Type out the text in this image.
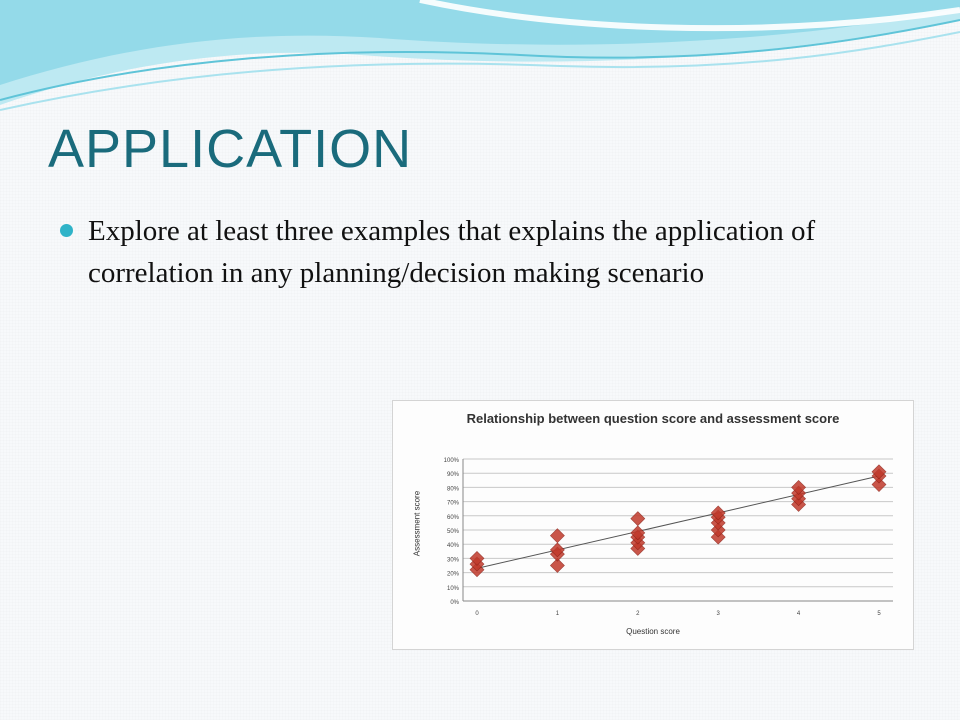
APPLICATION
Explore at least three examples that explains the application of correlation in any planning/decision making scenario
Relationship between question score and assessment score
Assessment score
Question score
0%
10%
20%
30%
40%
50%
60%
70%
80%
90%
100%
0	1	2	3	4	5
